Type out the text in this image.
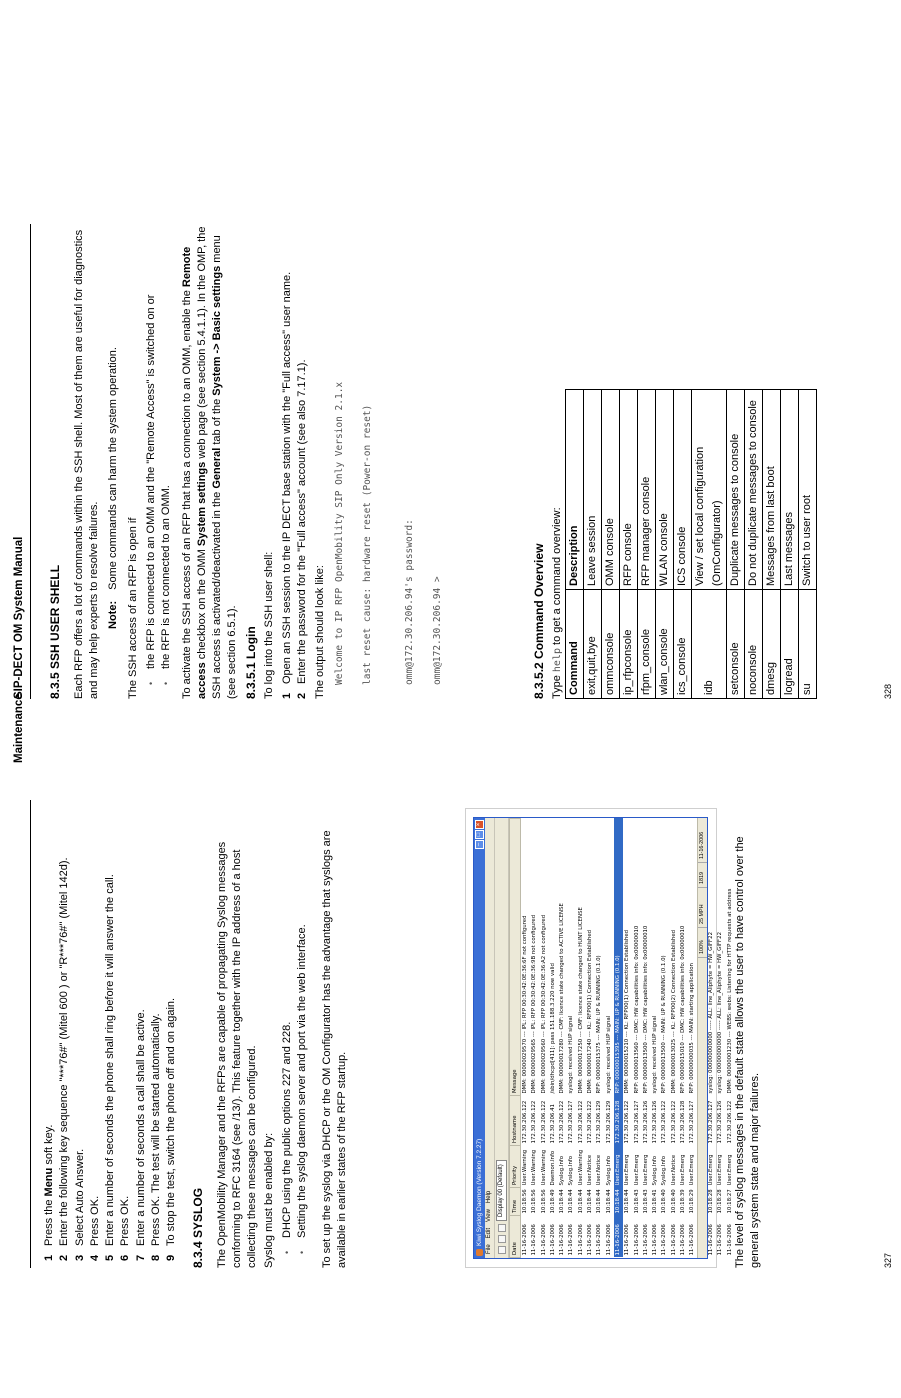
Maintenance
1
Press the Menu soft key.
2
Enter the following key sequence "***76#" (Mitel 600 ) or "R***76#" (Mitel 142d).
3
Select Auto Answer.
4
Press OK.
5
Enter a number of seconds the phone shall ring before it will answer the call.
6
Press OK.
7
Enter a number of seconds a call shall be active.
8
Press OK. The test will be started automatically.
9
To stop the test, switch the phone off and on again. 8.3.4 SYSLOG The OpenMobility Manager and the RFPs are capable of propagating Syslog messages conforming to RFC 3164 (see /13/). This feature together with the IP address of a host collecting these messages can be configured. Syslog must be enabled by: • DHCP using the public options 227 and 228. • Setting the syslog daemon server and port via the web interface. To set up the syslog via DHCP or the OM Configurator has the advantage that syslogs are available in earlier states of the RFP startup.	Kiwi Syslog Daemon (Version 7.2.27)
–
□
×
FileEditViewHelp	Display 00 (Default)
Date	Time	Priority	Hostname	Message
11-16-2006	10:18:56	User.Warning	172.30.206.122	DMM: 00000029570 --- IPL: RFP 00:30:42:0E:36:6F not configured
11-16-2006	10:18:56	User.Warning	172.30.206.122	DMM: 00000029565 --- IPL: RFP 00:30:42:0E:36:9B not configured
11-16-2006	10:18:56	User.Warning	172.30.206.122	DMM: 00000029560 --- IPL: RFP 00:30:42:0E:36:A2 not configured
11-16-2006	10:18:49	Daemon.Info	172.30.206.41	/sbin/dhcpd[411]: pass 151.188.3.220 now valid
11-16-2006	10:18:44	Syslog.Info	172.30.206.122	DMM: 00000017280 --- CMF: licence state changed to ACTIVE LICENSE
11-16-2006	10:18:44	Syslog.Info	172.30.206.127	syslogd: received HUP signal
11-16-2006	10:18:44	User.Warning	172.30.206.122	DMM: 00000017250 --- CMF: licence state changed to HUNT LICENSE
11-16-2006	10:18:44	User.Notice	172.30.206.122	DMM: 00000017240 --- KL: RFP00(1) Connection Established
11-16-2006	10:18:44	User.Notice	172.30.206.129	RFP: 00000015375 --- MAIN: UP & RUNNING (0.1.0)
11-16-2006	10:18:44	Syslog.Info	172.30.206.129	syslogd: received HUP signal
11-16-2006	10:18:44	User.Emerg	172.30.206.128	RFP: 00000015395 --- MAIN: UP & RUNNING (0.1.0)
11-16-2006	10:18:44	User.Emerg	172.30.206.122	DMM: 00000015210 --- KL: RFP00(1) Connection Established
11-16-2006	10:18:43	User.Emerg	172.30.206.127	RFP: 00000013560 --- DMC: HW capabilities info: 0x00000010
11-16-2006	10:18:43	User.Emerg	172.30.206.126	RFP: 00000013500 --- DMC: HW capabilities info: 0x00000010
11-16-2006	10:18:41	Syslog.Info	172.30.206.126	syslogd: received HUP signal
11-16-2006	10:18:40	Syslog.Info	172.30.206.122	RFP: 00000013500 --- MAIN: UP & RUNNING (0.1.0)
11-16-2006	10:18:40	User.Notice	172.30.206.122	DMM: 00000013025 --- KL: RFP00(2) Connection Established
11-16-2006	10:18:39	User.Emerg	172.30.206.128	RFP: 00000015010 --- DMC: HW capabilities info: 0x00000010
11-16-2006	10:18:29	User.Emerg	172.30.206.127	RFP: 00000000035 --- MAIN: starting application

11-16-2006	10:18:28	User.Emerg	172.30.206.127	syslog: 000000000000 ----- ALL: line_Aliphyte = HW_GIFF22
11-16-2006	10:18:28	User.Emerg	172.30.206.126	syslog: 000000000000 ----- ALL: line_Aliphyte = HW_GIFF22
11-16-2006	10:18:27	User.Emerg	172.30.206.122	DMM: 00000001230 --- WEBS: webs: Listening for HTTP requests at address
100%
25 MPH
1819
11-16-2006	The level of syslog messages in the default state allows the user to have control over the general system state and major failures.	327
SIP-DECT OM System Manual 8.3.5 SSH USER SHELL Each RFP offers a lot of commands within the SSH shell. Most of them are useful for diagnostics and may help experts to resolve failures. Note: Some commands can harm the system operation.

The SSH access of an RFP is open if • the RFP is connected to an OMM and the "Remote Access" is switched on or • the RFP is not connected to an OMM. To activate the SSH access of an RFP that has a connection to an OMM, enable the Remote access checkbox on the OMM System settings web page (see section 5.4.1.1). In the OMP, the SSH access is activated/deactivated in the General tab of the System -> Basic settings menu (see section 6.5.1). 8.3.5.1 Login To log into the SSH user shell: 1
Open an SSH session to the IP DECT base station with the "Full access" user name.
2
Enter the password for the "Full access" account (see also 7.17.1). The output should look like: Welcome to IP RFP OpenMobility SIP Only Version 2.1.x last reset cause: hardware reset (Power-on reset)	omm@172.30.206.94's password: omm@172.30.206.94 >	8.3.5.2 Command Overview Type help to get a command overview:

Command	Description
exit,quit,bye	Leave session
ommconsole	OMM console
ip_rfpconsole	RFP console
rfpm_console	RFP manager console
wlan_console	WLAN console
ics_console	ICS console
idb	View / set local configuration (OmConfigurator)
setconsole	Duplicate messages to console
noconsole	Do not duplicate messages to console
dmesg	Messages from last boot
logread	Last messages
su	Switch to user root
328
